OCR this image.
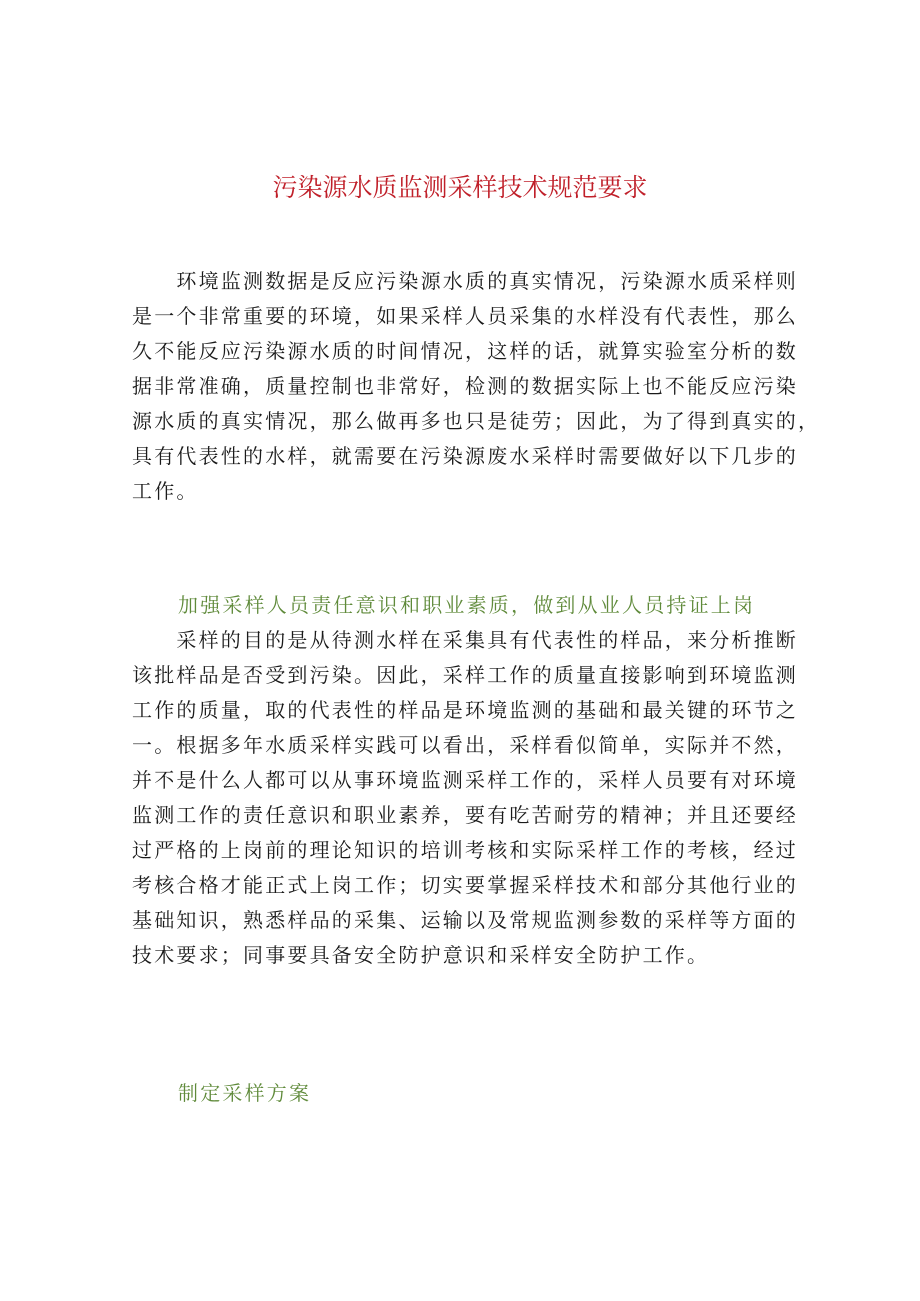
污染源水质监测采样技术规范要求
　　环境监测数据是反应污染源水质的真实情况，污染源水质采样则
是一个非常重要的环境，如果采样人员采集的水样没有代表性，那么
久不能反应污染源水质的时间情况，这样的话，就算实验室分析的数
据非常准确，质量控制也非常好，检测的数据实际上也不能反应污染
源水质的真实情况，那么做再多也只是徒劳；因此，为了得到真实的，
具有代表性的水样，就需要在污染源废水采样时需要做好以下几步的
工作。
加强采样人员责任意识和职业素质，做到从业人员持证上岗
　　采样的目的是从待测水样在采集具有代表性的样品，来分析推断
该批样品是否受到污染。因此，采样工作的质量直接影响到环境监测
工作的质量，取的代表性的样品是环境监测的基础和最关键的环节之
一。根据多年水质采样实践可以看出，采样看似简单，实际并不然，
并不是什么人都可以从事环境监测采样工作的，采样人员要有对环境
监测工作的责任意识和职业素养，要有吃苦耐劳的精神；并且还要经
过严格的上岗前的理论知识的培训考核和实际采样工作的考核，经过
考核合格才能正式上岗工作；切实要掌握采样技术和部分其他行业的
基础知识，熟悉样品的采集、运输以及常规监测参数的采样等方面的
技术要求；同事要具备安全防护意识和采样安全防护工作。
制定采样方案
